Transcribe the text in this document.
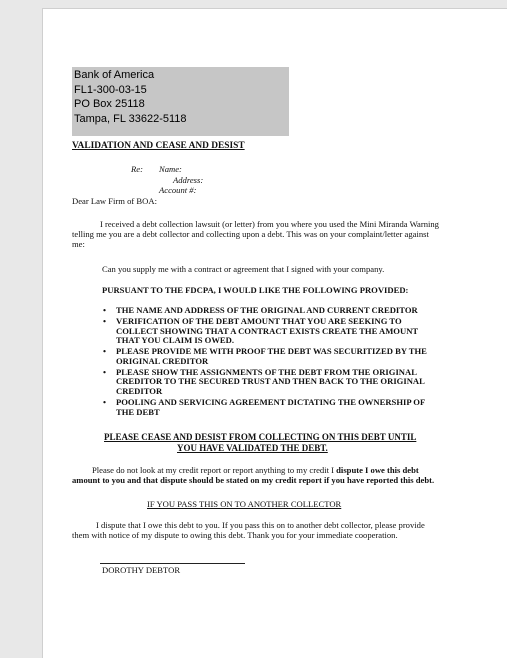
Bank of America
FL1-300-03-15
PO Box 25118
Tampa, FL 33622-5118
VALIDATION AND CEASE AND DESIST
Re: Name:
Address:
Account #:
Dear Law Firm of BOA:
I received a debt collection lawsuit (or letter) from you where you used the Mini Miranda Warning telling me you are a debt collector and collecting upon a debt. This was on your complaint/letter against me:
Can you supply me with a contract or agreement that I signed with your company.
PURSUANT TO THE FDCPA, I WOULD LIKE THE FOLLOWING PROVIDED:
• THE NAME AND ADDRESS OF THE ORIGINAL AND CURRENT CREDITOR
• VERIFICATION OF THE DEBT AMOUNT THAT YOU ARE SEEKING TO COLLECT SHOWING THAT A CONTRACT EXISTS CREATE THE AMOUNT THAT YOU CLAIM IS OWED.
• PLEASE PROVIDE ME WITH PROOF THE DEBT WAS SECURITIZED BY THE ORIGINAL CREDITOR
• PLEASE SHOW THE ASSIGNMENTS OF THE DEBT FROM THE ORIGINAL CREDITOR TO THE SECURED TRUST AND THEN BACK TO THE ORIGINAL CREDITOR
• POOLING AND SERVICING AGREEMENT DICTATING THE OWNERSHIP OF THE DEBT
PLEASE CEASE AND DESIST FROM COLLECTING ON THIS DEBT UNTIL
YOU HAVE VALIDATED THE DEBT.
Please do not look at my credit report or report anything to my credit I dispute I owe this debt amount to you and that dispute should be stated on my credit report if you have reported this debt.
IF YOU PASS THIS ON TO ANOTHER COLLECTOR
I dispute that I owe this debt to you. If you pass this on to another debt collector, please provide them with notice of my dispute to owing this debt. Thank you for your immediate cooperation.
DOROTHY DEBTOR
